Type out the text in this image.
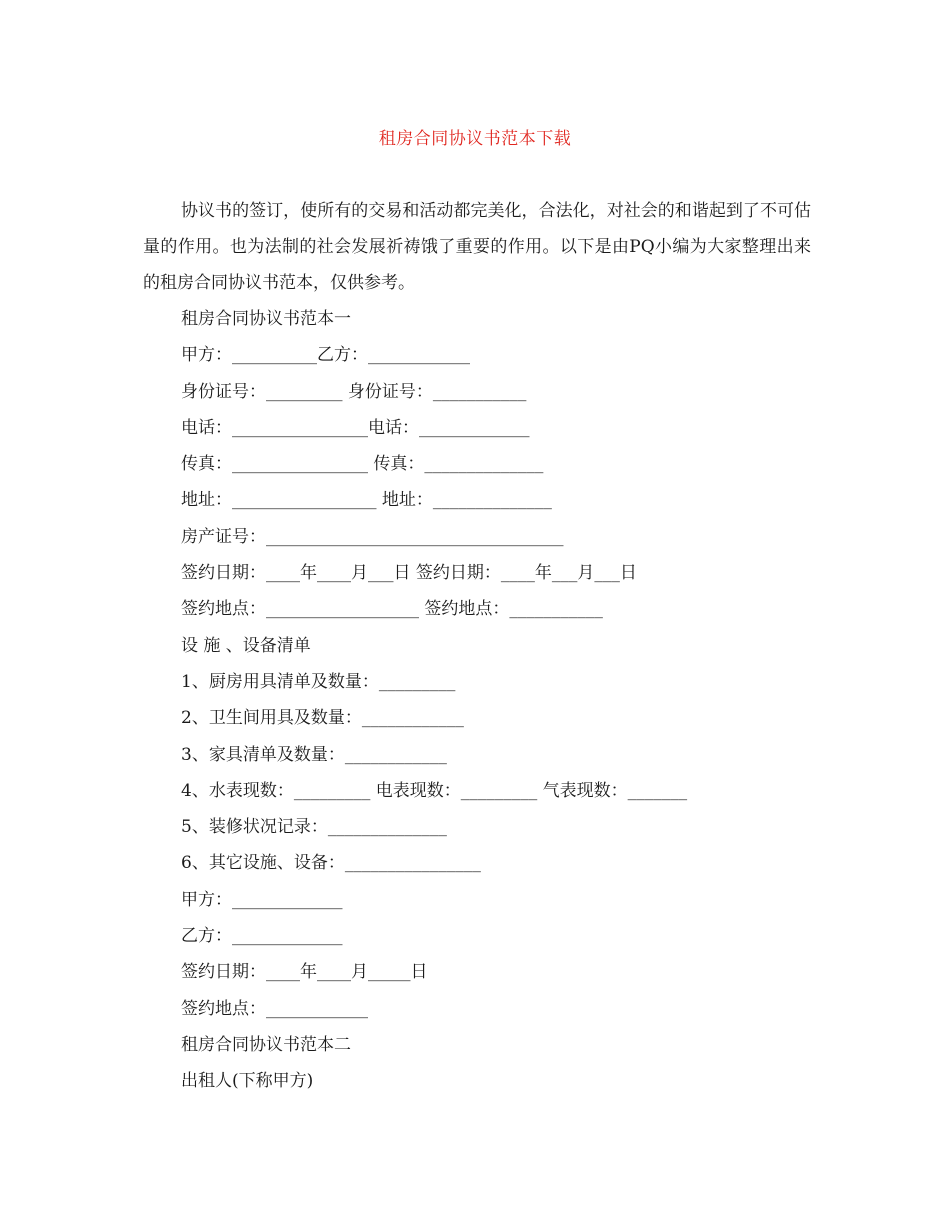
租房合同协议书范本下载

协议书的签订，使所有的交易和活动都完美化，合法化，对社会的和谐起到了不可估量的作用。也为法制的社会发展祈祷饿了重要的作用。以下是由PQ小编为大家整理出来的租房合同协议书范本，仅供参考。

租房合同协议书范本一
甲方：__________乙方：____________
身份证号：_________ 身份证号：___________
电话：________________电话：_____________
传真：________________ 传真：______________
地址：_________________ 地址：______________
房产证号：___________________________________
签约日期：____年____月___日 签约日期：____年___月___日
签约地点：__________________ 签约地点：___________
设 施 、设备清单
1、厨房用具清单及数量：_________
2、卫生间用具及数量：____________
3、家具清单及数量：____________
4、水表现数：_________ 电表现数：_________ 气表现数：_______
5、装修状况记录：______________
6、其它设施、设备：________________
甲方：_____________
乙方：_____________
签约日期：____年____月_____日
签约地点：____________
租房合同协议书范本二
出租人(下称甲方)
